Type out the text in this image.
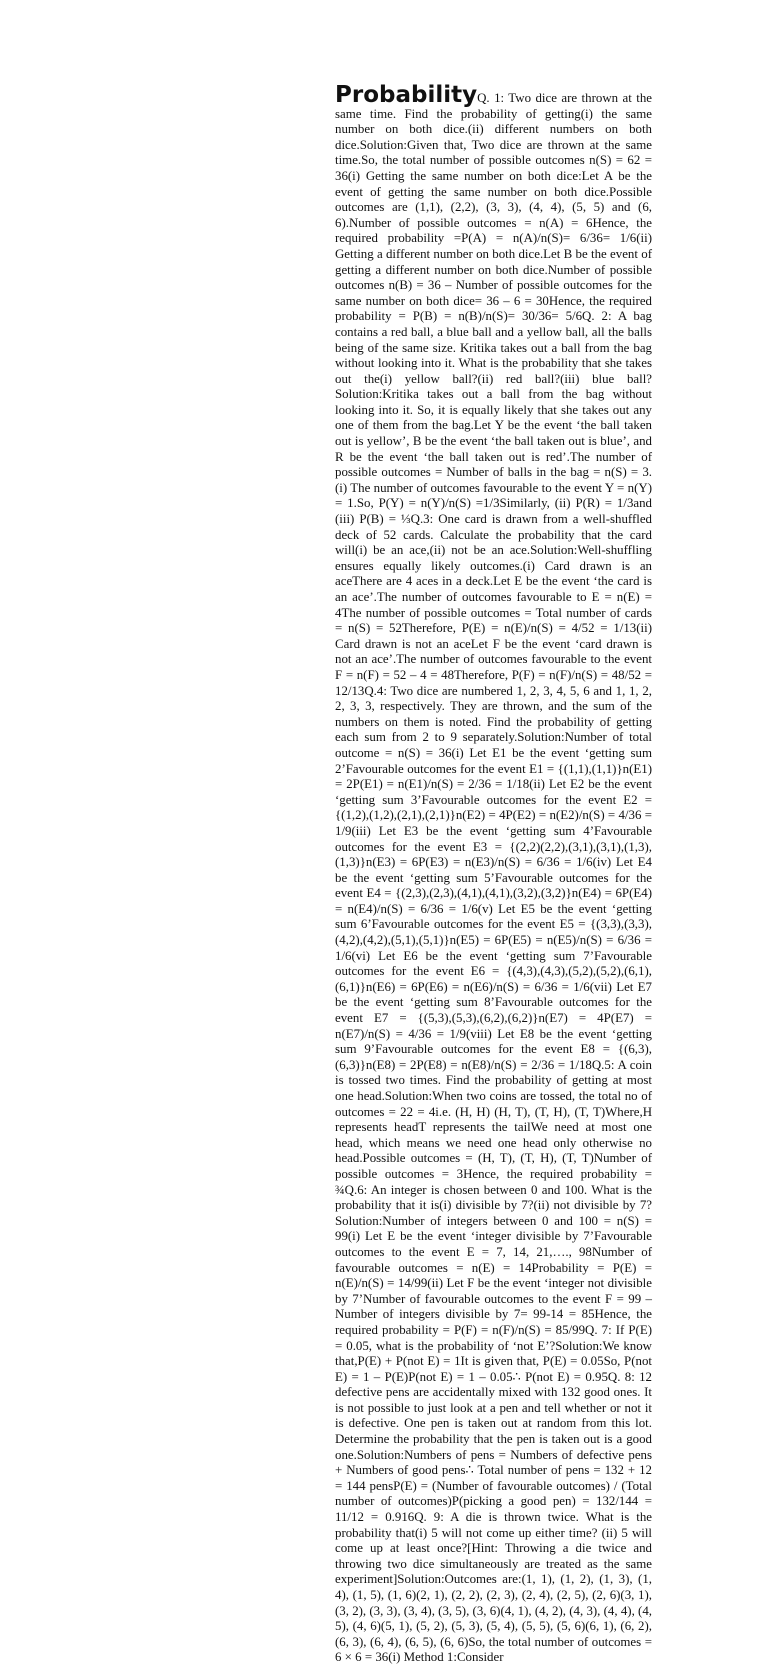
ProbabilityQ. 1: Two dice are thrown at the same time. Find the probability of getting(i) the same number on both dice.(ii) different numbers on both dice.Solution:Given that, Two dice are thrown at the same time.So, the total number of possible outcomes n(S) = 62 = 36(i) Getting the same number on both dice:Let A be the event of getting the same number on both dice.Possible outcomes are (1,1), (2,2), (3, 3), (4, 4), (5, 5) and (6, 6).Number of possible outcomes = n(A) = 6Hence, the required probability =P(A) = n(A)/n(S)= 6/36= 1/6(ii) Getting a different number on both dice.Let B be the event of getting a different number on both dice.Number of possible outcomes n(B) = 36 – Number of possible outcomes for the same number on both dice= 36 – 6 = 30Hence, the required probability = P(B) = n(B)/n(S)= 30/36= 5/6Q. 2: A bag contains a red ball, a blue ball and a yellow ball, all the balls being of the same size. Kritika takes out a ball from the bag without looking into it. What is the probability that she takes out the(i) yellow ball?(ii) red ball?(iii) blue ball?Solution:Kritika takes out a ball from the bag without looking into it. So, it is equally likely that she takes out any one of them from the bag.Let Y be the event ‘the ball taken out is yellow’, B be the event ‘the ball taken out is blue’, and R be the event ‘the ball taken out is red’.The number of possible outcomes = Number of balls in the bag = n(S) = 3.(i) The number of outcomes favourable to the event Y = n(Y) = 1.So, P(Y) = n(Y)/n(S) =1/3Similarly, (ii) P(R) = 1/3and (iii) P(B) = ⅓Q.3: One card is drawn from a well-shuffled deck of 52 cards. Calculate the probability that the card will(i) be an ace,(ii) not be an ace.Solution:Well-shuffling ensures equally likely outcomes.(i) Card drawn is an aceThere are 4 aces in a deck.Let E be the event ‘the card is an ace’.The number of outcomes favourable to E = n(E) = 4The number of possible outcomes = Total number of cards = n(S) = 52Therefore, P(E) = n(E)/n(S) = 4/52 = 1/13(ii) Card drawn is not an aceLet F be the event ‘card drawn is not an ace’.The number of outcomes favourable to the event F = n(F) = 52 – 4 = 48Therefore, P(F) = n(F)/n(S) = 48/52 = 12/13Q.4: Two dice are numbered 1, 2, 3, 4, 5, 6 and 1, 1, 2, 2, 3, 3, respectively. They are thrown, and the sum of the numbers on them is noted. Find the probability of getting each sum from 2 to 9 separately.Solution:Number of total outcome = n(S) = 36(i) Let E1 be the event ‘getting sum 2’Favourable outcomes for the event E1 = {(1,1),(1,1)}n(E1) = 2P(E1) = n(E1)/n(S) = 2/36 = 1/18(ii) Let E2 be the event ‘getting sum 3’Favourable outcomes for the event E2 = {(1,2),(1,2),(2,1),(2,1)}n(E2) = 4P(E2) = n(E2)/n(S) = 4/36 = 1/9(iii) Let E3 be the event ‘getting sum 4’Favourable outcomes for the event E3 = {(2,2)(2,2),(3,1),(3,1),(1,3),(1,3)}n(E3) = 6P(E3) = n(E3)/n(S) = 6/36 = 1/6(iv) Let E4 be the event ‘getting sum 5’Favourable outcomes for the event E4 = {(2,3),(2,3),(4,1),(4,1),(3,2),(3,2)}n(E4) = 6P(E4) = n(E4)/n(S) = 6/36 = 1/6(v) Let E5 be the event ‘getting sum 6’Favourable outcomes for the event E5 = {(3,3),(3,3),(4,2),(4,2),(5,1),(5,1)}n(E5) = 6P(E5) = n(E5)/n(S) = 6/36 = 1/6(vi) Let E6 be the event ‘getting sum 7’Favourable outcomes for the event E6 = {(4,3),(4,3),(5,2),(5,2),(6,1),(6,1)}n(E6) = 6P(E6) = n(E6)/n(S) = 6/36 = 1/6(vii) Let E7 be the event ‘getting sum 8’Favourable outcomes for the event E7 = {(5,3),(5,3),(6,2),(6,2)}n(E7) = 4P(E7) = n(E7)/n(S) = 4/36 = 1/9(viii) Let E8 be the event ‘getting sum 9’Favourable outcomes for the event E8 = {(6,3),(6,3)}n(E8) = 2P(E8) = n(E8)/n(S) = 2/36 = 1/18Q.5: A coin is tossed two times. Find the probability of getting at most one head.Solution:When two coins are tossed, the total no of outcomes = 22 = 4i.e. (H, H) (H, T), (T, H), (T, T)Where,H represents headT represents the tailWe need at most one head, which means we need one head only otherwise no head.Possible outcomes = (H, T), (T, H), (T, T)Number of possible outcomes = 3Hence, the required probability = ¾Q.6: An integer is chosen between 0 and 100. What is the probability that it is(i) divisible by 7?(ii) not divisible by 7?Solution:Number of integers between 0 and 100 = n(S) = 99(i) Let E be the event ‘integer divisible by 7’Favourable outcomes to the event E = 7, 14, 21,…., 98Number of favourable outcomes = n(E) = 14Probability = P(E) = n(E)/n(S) = 14/99(ii) Let F be the event ‘integer not divisible by 7’Number of favourable outcomes to the event F = 99 – Number of integers divisible by 7= 99-14 = 85Hence, the required probability = P(F) = n(F)/n(S) = 85/99Q. 7: If P(E) = 0.05, what is the probability of ‘not E’?Solution:We know that,P(E) + P(not E) = 1It is given that, P(E) = 0.05So, P(not E) = 1 – P(E)P(not E) = 1 – 0.05∴ P(not E) = 0.95Q. 8: 12 defective pens are accidentally mixed with 132 good ones. It is not possible to just look at a pen and tell whether or not it is defective. One pen is taken out at random from this lot. Determine the probability that the pen is taken out is a good one.Solution:Numbers of pens = Numbers of defective pens + Numbers of good pens∴ Total number of pens = 132 + 12 = 144 pensP(E) = (Number of favourable outcomes) / (Total number of outcomes)P(picking a good pen) = 132/144 = 11/12 = 0.916Q. 9: A die is thrown twice. What is the probability that(i) 5 will not come up either time? (ii) 5 will come up at least once?[Hint: Throwing a die twice and throwing two dice simultaneously are treated as the same experiment]Solution:Outcomes are:(1, 1), (1, 2), (1, 3), (1, 4), (1, 5), (1, 6)(2, 1), (2, 2), (2, 3), (2, 4), (2, 5), (2, 6)(3, 1), (3, 2), (3, 3), (3, 4), (3, 5), (3, 6)(4, 1), (4, 2), (4, 3), (4, 4), (4, 5), (4, 6)(5, 1), (5, 2), (5, 3), (5, 4), (5, 5), (5, 6)(6, 1), (6, 2), (6, 3), (6, 4), (6, 5), (6, 6)So, the total number of outcomes = 6 × 6 = 36(i) Method 1:Consider
